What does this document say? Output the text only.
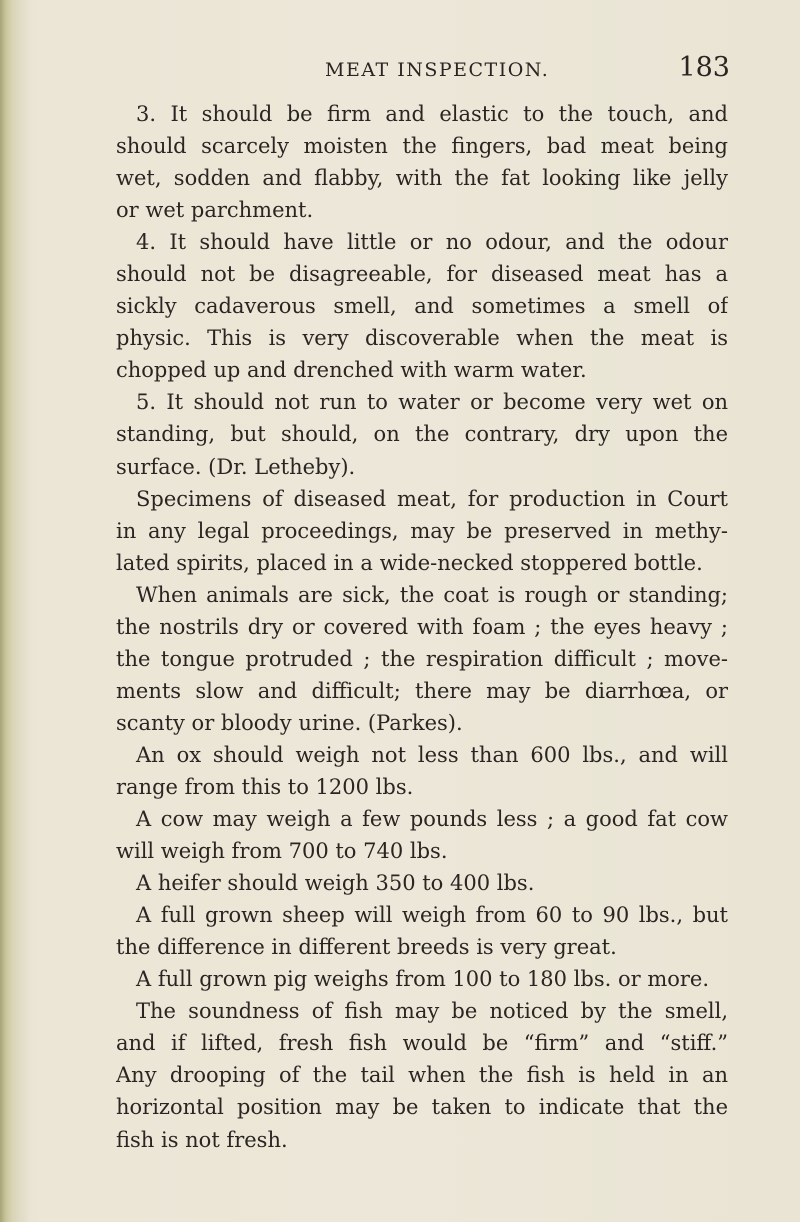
MEAT INSPECTION.	183
3. It should be firm and elastic to the touch, and
should scarcely moisten the fingers, bad meat being
wet, sodden and flabby, with the fat looking like jelly
or wet parchment.
4. It should have little or no odour, and the odour
should not be disagreeable, for diseased meat has a
sickly cadaverous smell, and sometimes a smell of
physic. This is very discoverable when the meat is
chopped up and drenched with warm water.
5. It should not run to water or become very wet on
standing, but should, on the contrary, dry upon the
surface. (Dr. Letheby).
Specimens of diseased meat, for production in Court
in any legal proceedings, may be preserved in methy-
lated spirits, placed in a wide-necked stoppered bottle.
When animals are sick, the coat is rough or standing;
the nostrils dry or covered with foam ; the eyes heavy ;
the tongue protruded ; the respiration difficult ; move-
ments slow and difficult; there may be diarrhœa, or
scanty or bloody urine. (Parkes).
An ox should weigh not less than 600 lbs., and will
range from this to 1200 lbs.
A cow may weigh a few pounds less ; a good fat cow
will weigh from 700 to 740 lbs.
A heifer should weigh 350 to 400 lbs.
A full grown sheep will weigh from 60 to 90 lbs., but
the difference in different breeds is very great.
A full grown pig weighs from 100 to 180 lbs. or more.
The soundness of fish may be noticed by the smell,
and if lifted, fresh fish would be “firm” and “stiff.”
Any drooping of the tail when the fish is held in an
horizontal position may be taken to indicate that the
fish is not fresh.
